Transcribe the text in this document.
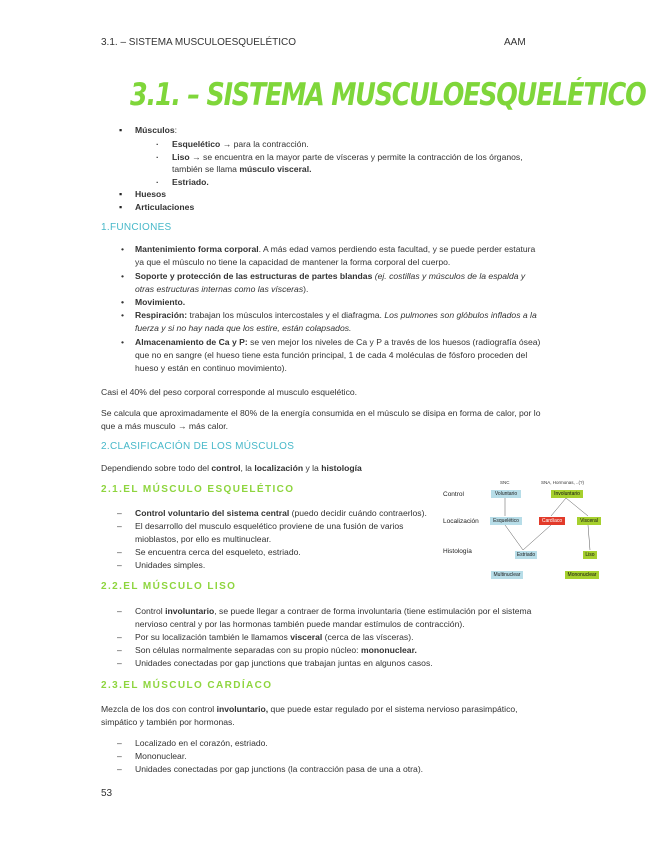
3.1. – SISTEMA MUSCULOESQUELÉTICO	AAM
3.1. – SISTEMA MUSCULOESQUELÉTICO
▪ Músculos:
· Esquelético → para la contracción.
· Liso → se encuentra en la mayor parte de vísceras y permite la contracción de los órganos,
también se llama músculo visceral.
· Estriado.
▪ Huesos
▪ Articulaciones
1.FUNCIONES
• Mantenimiento forma corporal. A más edad vamos perdiendo esta facultad, y se puede perder estatura
ya que el músculo no tiene la capacidad de mantener la forma corporal del cuerpo.
• Soporte y protección de las estructuras de partes blandas (ej. costillas y músculos de la espalda y
otras estructuras internas como las vísceras).
• Movimiento.
• Respiración: trabajan los músculos intercostales y el diafragma. Los pulmones son glóbulos inflados a la
fuerza y si no hay nada que los estire, están colapsados.
• Almacenamiento de Ca y P: se ven mejor los niveles de Ca y P a través de los huesos (radiografía ósea)
que no en sangre (el hueso tiene esta función principal, 1 de cada 4 moléculas de fósforo proceden del
hueso y están en continuo movimiento).
Casi el 40% del peso corporal corresponde al musculo esquelético.
Se calcula que aproximadamente el 80% de la energía consumida en el músculo se disipa en forma de calor, por lo
que a más musculo → más calor.
2.CLASIFICACIÓN DE LOS MÚSCULOS
Dependiendo sobre todo del control, la localización y la histología
2.1.EL MÚSCULO ESQUELÉTICO
– Control voluntario del sistema central (puedo decidir cuándo contraerlos).
– El desarrollo del musculo esquelético proviene de una fusión de varios
mioblastos, por ello es multinuclear.
– Se encuentra cerca del esqueleto, estriado.
– Unidades simples.
Control
Localización
Histología
SNC	SNA, Hormonas, ..(?)
Voluntario	Involuntario
Esquelético	Cardíaco	Visceral
Estriado	Liso
Multinuclear	Mononuclear
2.2.EL MÚSCULO LISO
– Control involuntario, se puede llegar a contraer de forma involuntaria (tiene estimulación por el sistema
nervioso central y por las hormonas también puede mandar estímulos de contracción).
– Por su localización también le llamamos visceral (cerca de las vísceras).
– Son células normalmente separadas con su propio núcleo: mononuclear.
– Unidades conectadas por gap junctions que trabajan juntas en algunos casos.
2.3.EL MÚSCULO CARDÍACO
Mezcla de los dos con control involuntario, que puede estar regulado por el sistema nervioso parasimpático,
simpático y también por hormonas.
– Localizado en el corazón, estriado.
– Mononuclear.
– Unidades conectadas por gap junctions (la contracción pasa de una a otra).
53
